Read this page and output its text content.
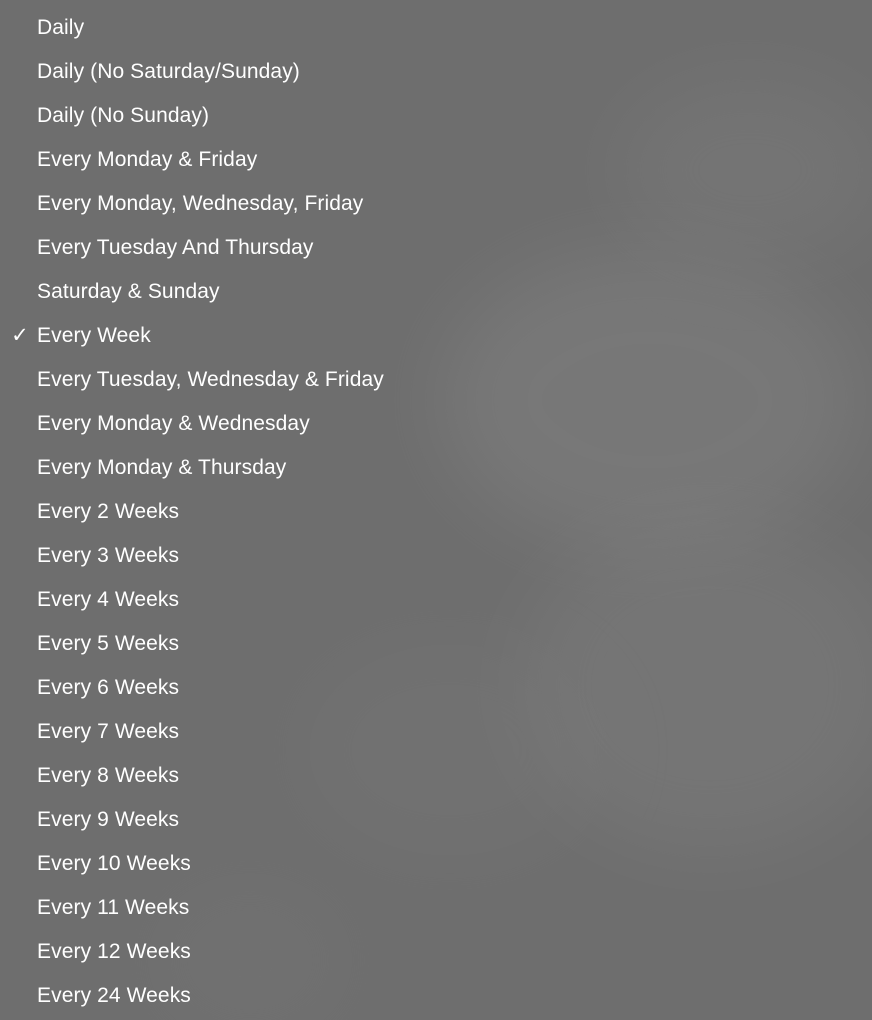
Daily
Daily (No Saturday/Sunday)
Daily (No Sunday)
Every Monday & Friday
Every Monday, Wednesday, Friday
Every Tuesday And Thursday
Saturday & Sunday
✓ Every Week
Every Tuesday, Wednesday & Friday
Every Monday & Wednesday
Every Monday & Thursday
Every 2 Weeks
Every 3 Weeks
Every 4 Weeks
Every 5 Weeks
Every 6 Weeks
Every 7 Weeks
Every 8 Weeks
Every 9 Weeks
Every 10 Weeks
Every 11 Weeks
Every 12 Weeks
Every 24 Weeks
